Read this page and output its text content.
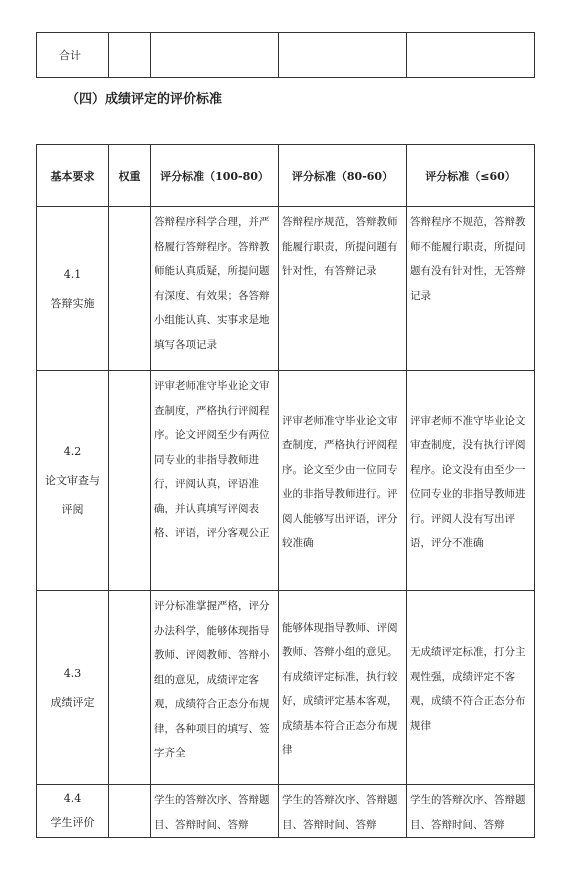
合计				
（四）成绩评定的评价标准
基本要求	权重	评分标准（100-80）	评分标准（80-60）	评分标准（≤60）

4.1
答辩实施		答辩程序科学合理，并严格履行答辩程序。答辩教师能认真质疑，所提问题有深度、有效果；各答辩小组能认真、实事求是地填写各项记录	答辩程序规范，答辩教师能履行职责，所提问题有针对性，有答辩记录	答辩程序不规范，答辩教师不能履行职责，所提问题有没有针对性，无答辩记录

4.2
论文审查与
评阅		评审老师准守毕业论文审查制度，严格执行评阅程序。论文评阅至少有两位同专业的非指导教师进行，评阅认真，评语准确，并认真填写评阅表格、评语，评分客观公正	评审老师准守毕业论文审查制度，严格执行评阅程序。论文至少由一位同专业的非指导教师进行。评阅人能够写出评语，评分较准确	评审老师不准守毕业论文审查制度，没有执行评阅程序。论文没有由至少一位同专业的非指导教师进行。评阅人没有写出评语，评分不准确

4.3
成绩评定		评分标准掌握严格，评分办法科学，能够体现指导教师、评阅教师、答辩小组的意见，成绩评定客观，成绩符合正态分布规律，各种项目的填写、签字齐全	能够体现指导教师、评阅教师、答辩小组的意见。有成绩评定标准，执行较好，成绩评定基本客观，成绩基本符合正态分布规律	无成绩评定标准，打分主观性强，成绩评定不客观，成绩不符合正态分布规律

4.4
学生评价		学生的答辩次序、答辩题目、答辩时间、答辩	学生的答辩次序、答辩题目、答辩时间、答辩	学生的答辩次序、答辩题目、答辩时间、答辩
